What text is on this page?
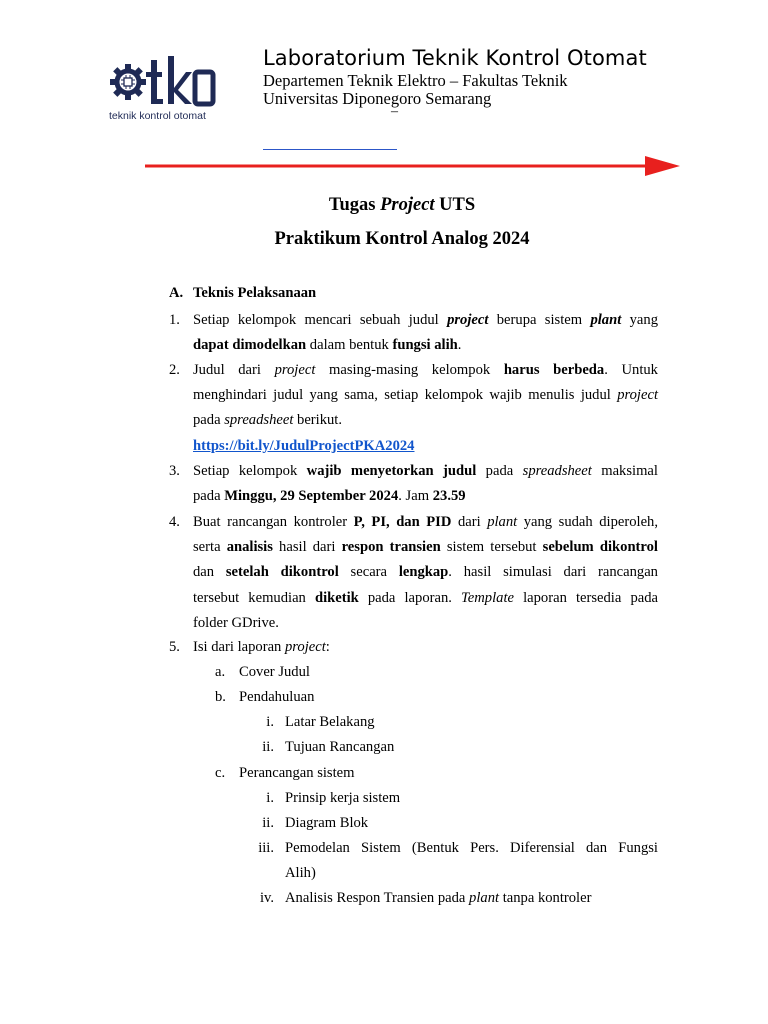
teknik kontrol otomat
Laboratorium Teknik Kontrol Otomat
Departemen Teknik Elektro – Fakultas Teknik
Universitas Diponegoro Semarang
–
Tugas Project UTS
Praktikum Kontrol Analog 2024
A. Teknis Pelaksanaan
1. Setiap kelompok mencari sebuah judul project berupa sistem plant yang
dapat dimodelkan dalam bentuk fungsi alih.
2. Judul dari project masing-masing kelompok harus berbeda. Untuk
menghindari judul yang sama, setiap kelompok wajib menulis judul project
pada spreadsheet berikut.
https://bit.ly/JudulProjectPKA2024
3. Setiap kelompok wajib menyetorkan judul pada spreadsheet maksimal
pada Minggu, 29 September 2024. Jam 23.59
4. Buat rancangan kontroler P, PI, dan PID dari plant yang sudah diperoleh,
serta analisis hasil dari respon transien sistem tersebut sebelum dikontrol
dan setelah dikontrol secara lengkap. hasil simulasi dari rancangan
tersebut kemudian diketik pada laporan. Template laporan tersedia pada
folder GDrive.
5. Isi dari laporan project:
a. Cover Judul
b. Pendahuluan
i. Latar Belakang
ii. Tujuan Rancangan
c. Perancangan sistem
i. Prinsip kerja sistem
ii. Diagram Blok
iii. Pemodelan Sistem (Bentuk Pers. Diferensial dan Fungsi
Alih)
iv. Analisis Respon Transien pada plant tanpa kontroler
